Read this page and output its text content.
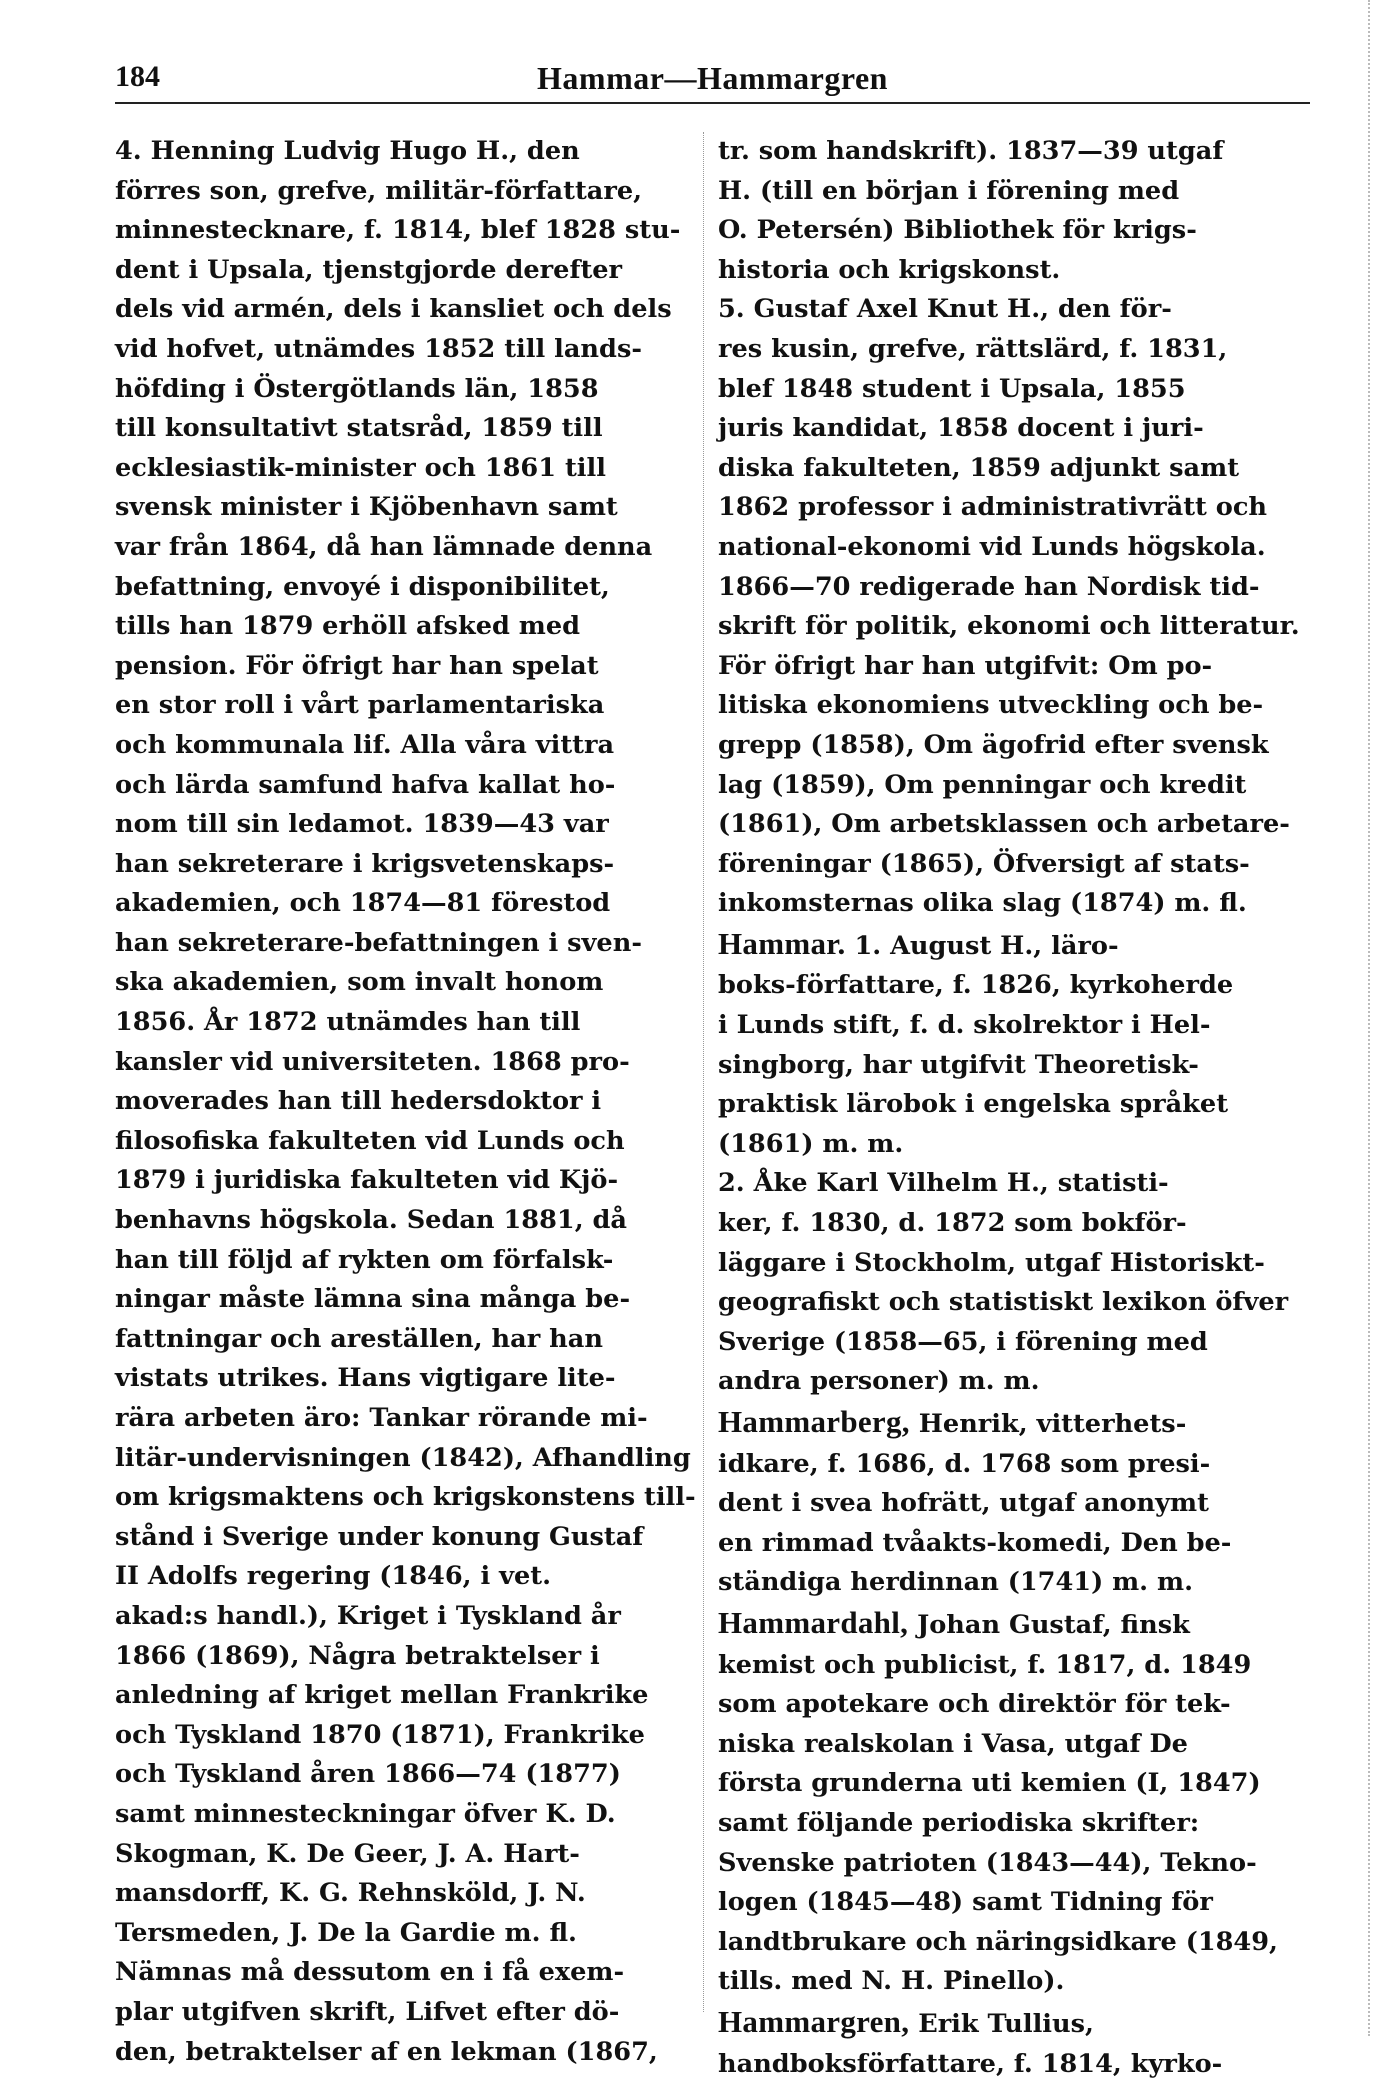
184	Hammar—Hammargren
4. Henning Ludvig Hugo H., den
förres son, grefve, militär-författare,
minnestecknare, f. 1814, blef 1828 stu-
dent i Upsala, tjenstgjorde derefter
dels vid armén, dels i kansliet och dels
vid hofvet, utnämdes 1852 till lands-
höfding i Östergötlands län, 1858
till konsultativt statsråd, 1859 till
ecklesiastik-minister och 1861 till
svensk minister i Kjöbenhavn samt
var från 1864, då han lämnade denna
befattning, envoyé i disponibilitet,
tills han 1879 erhöll afsked med
pension. För öfrigt har han spelat
en stor roll i vårt parlamentariska
och kommunala lif. Alla våra vittra
och lärda samfund hafva kallat ho-
nom till sin ledamot. 1839—43 var
han sekreterare i krigsvetenskaps-
akademien, och 1874—81 förestod
han sekreterare-befattningen i sven-
ska akademien, som invalt honom
1856. År 1872 utnämdes han till
kansler vid universiteten. 1868 pro-
moverades han till hedersdoktor i
filosofiska fakulteten vid Lunds och
1879 i juridiska fakulteten vid Kjö-
benhavns högskola. Sedan 1881, då
han till följd af rykten om förfalsk-
ningar måste lämna sina många be-
fattningar och areställen, har han
vistats utrikes. Hans vigtigare lite-
rära arbeten äro: Tankar rörande mi-
litär-undervisningen (1842), Afhandling
om krigsmaktens och krigskonstens till-
stånd i Sverige under konung Gustaf
II Adolfs regering (1846, i vet.
akad:s handl.), Kriget i Tyskland år
1866 (1869), Några betraktelser i
anledning af kriget mellan Frankrike
och Tyskland 1870 (1871), Frankrike
och Tyskland åren 1866—74 (1877)
samt minnesteckningar öfver K. D.
Skogman, K. De Geer, J. A. Hart-
mansdorff, K. G. Rehnsköld, J. N.
Tersmeden, J. De la Gardie m. fl.
Nämnas må dessutom en i få exem-
plar utgifven skrift, Lifvet efter dö-
den, betraktelser af en lekman (1867,
tr. som handskrift). 1837—39 utgaf
H. (till en början i förening med
O. Petersén) Bibliothek för krigs-
historia och krigskonst.
5. Gustaf Axel Knut H., den för-
res kusin, grefve, rättslärd, f. 1831,
blef 1848 student i Upsala, 1855
juris kandidat, 1858 docent i juri-
diska fakulteten, 1859 adjunkt samt
1862 professor i administrativrätt och
national-ekonomi vid Lunds högskola.
1866—70 redigerade han Nordisk tid-
skrift för politik, ekonomi och litteratur.
För öfrigt har han utgifvit: Om po-
litiska ekonomiens utveckling och be-
grepp (1858), Om ägofrid efter svensk
lag (1859), Om penningar och kredit
(1861), Om arbetsklassen och arbetare-
föreningar (1865), Öfversigt af stats-
inkomsternas olika slag (1874) m. fl.
Hammar. 1. August H., läro-
boks-författare, f. 1826, kyrkoherde
i Lunds stift, f. d. skolrektor i Hel-
singborg, har utgifvit Theoretisk-
praktisk lärobok i engelska språket
(1861) m. m.
2. Åke Karl Vilhelm H., statisti-
ker, f. 1830, d. 1872 som bokför-
läggare i Stockholm, utgaf Historiskt-
geografiskt och statistiskt lexikon öfver
Sverige (1858—65, i förening med
andra personer) m. m.
Hammarberg, Henrik, vitterhets-
idkare, f. 1686, d. 1768 som presi-
dent i svea hofrätt, utgaf anonymt
en rimmad tvåakts-komedi, Den be-
ständiga herdinnan (1741) m. m.
Hammardahl, Johan Gustaf, finsk
kemist och publicist, f. 1817, d. 1849
som apotekare och direktör för tek-
niska realskolan i Vasa, utgaf De
första grunderna uti kemien (I, 1847)
samt följande periodiska skrifter:
Svenske patrioten (1843—44), Tekno-
logen (1845—48) samt Tidning för
landtbrukare och näringsidkare (1849,
tills. med N. H. Pinello).
Hammargren, Erik Tullius,
handboksförfattare, f. 1814, kyrko-
